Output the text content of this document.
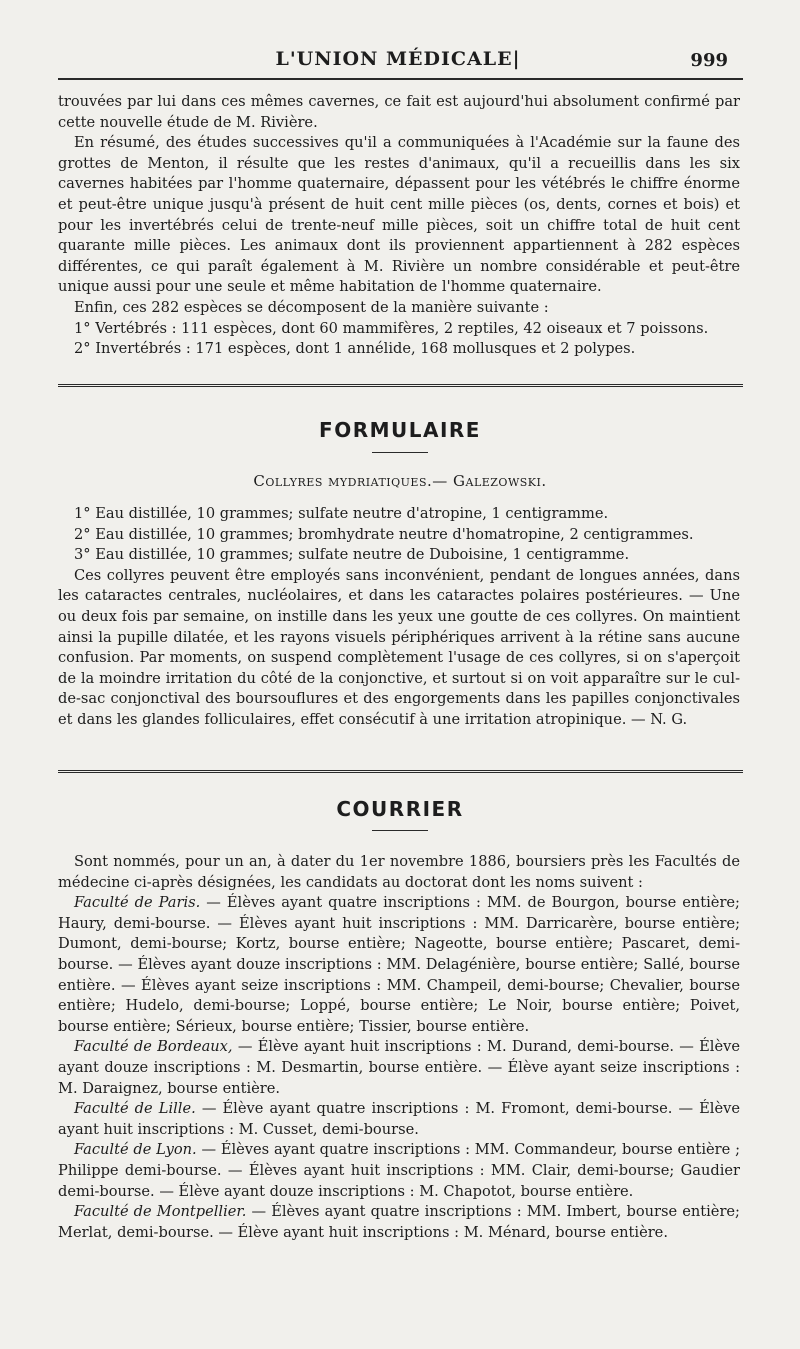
L'UNION MÉDICALE|	999

trouvées par lui dans ces mêmes cavernes, ce fait est aujourd'hui absolument confirmé par cette nouvelle étude de M. Rivière.

En résumé, des études successives qu'il a communiquées à l'Académie sur la faune des grottes de Menton, il résulte que les restes d'animaux, qu'il a recueillis dans les six cavernes habitées par l'homme quaternaire, dépassent pour les vétébrés le chiffre énorme et peut-être unique jusqu'à présent de huit cent mille pièces (os, dents, cornes et bois) et pour les invertébrés celui de trente-neuf mille pièces, soit un chiffre total de huit cent quarante mille pièces. Les animaux dont ils proviennent appartiennent à 282 espèces différentes, ce qui paraît également à M. Rivière un nombre considérable et peut-être unique aussi pour une seule et même habitation de l'homme quaternaire.

Enfin, ces 282 espèces se décomposent de la manière suivante :

1° Vertébrés : 111 espèces, dont 60 mammifères, 2 reptiles, 42 oiseaux et 7 poissons.

2° Invertébrés : 171 espèces, dont 1 annélide, 168 mollusques et 2 polypes.

FORMULAIRE
Collyres mydriatiques.— Galezowski.

1° Eau distillée, 10 grammes; sulfate neutre d'atropine, 1 centigramme.

2° Eau distillée, 10 grammes; bromhydrate neutre d'homatropine, 2 centigrammes.

3° Eau distillée, 10 grammes; sulfate neutre de Duboisine, 1 centigramme.

Ces collyres peuvent être employés sans inconvénient, pendant de longues années, dans les cataractes centrales, nucléolaires, et dans les cataractes polaires postérieures. — Une ou deux fois par semaine, on instille dans les yeux une goutte de ces collyres. On maintient ainsi la pupille dilatée, et les rayons visuels périphériques arrivent à la rétine sans aucune confusion. Par moments, on suspend complètement l'usage de ces collyres, si on s'aperçoit de la moindre irritation du côté de la conjonctive, et surtout si on voit apparaître sur le cul-de-sac conjonctival des boursouflures et des engorgements dans les papilles conjonctivales et dans les glandes folliculaires, effet consécutif à une irritation atropinique. — N. G.

COURRIER

Sont nommés, pour un an, à dater du 1er novembre 1886, boursiers près les Facultés de médecine ci-après désignées, les candidats au doctorat dont les noms suivent :

Faculté de Paris. — Élèves ayant quatre inscriptions : MM. de Bourgon, bourse entière; Haury, demi-bourse. — Élèves ayant huit inscriptions : MM. Darricarère, bourse entière; Dumont, demi-bourse; Kortz, bourse entière; Nageotte, bourse entière; Pascaret, demi-bourse. — Élèves ayant douze inscriptions : MM. Delagénière, bourse entière; Sallé, bourse entière. — Élèves ayant seize inscriptions : MM. Champeil, demi-bourse; Chevalier, bourse entière; Hudelo, demi-bourse; Loppé, bourse entière; Le Noir, bourse entière; Poivet, bourse entière; Sérieux, bourse entière; Tissier, bourse entière.

Faculté de Bordeaux, — Élève ayant huit inscriptions : M. Durand, demi-bourse. — Élève ayant douze inscriptions : M. Desmartin, bourse entière. — Élève ayant seize inscriptions : M. Daraignez, bourse entière.

Faculté de Lille. — Élève ayant quatre inscriptions : M. Fromont, demi-bourse. — Élève ayant huit inscriptions : M. Cusset, demi-bourse.

Faculté de Lyon. — Élèves ayant quatre inscriptions : MM. Commandeur, bourse entière ; Philippe demi-bourse. — Élèves ayant huit inscriptions : MM. Clair, demi-bourse; Gaudier demi-bourse. — Élève ayant douze inscriptions : M. Chapotot, bourse entière.

Faculté de Montpellier. — Élèves ayant quatre inscriptions : MM. Imbert, bourse entière; Merlat, demi-bourse. — Élève ayant huit inscriptions : M. Ménard, bourse entière.
